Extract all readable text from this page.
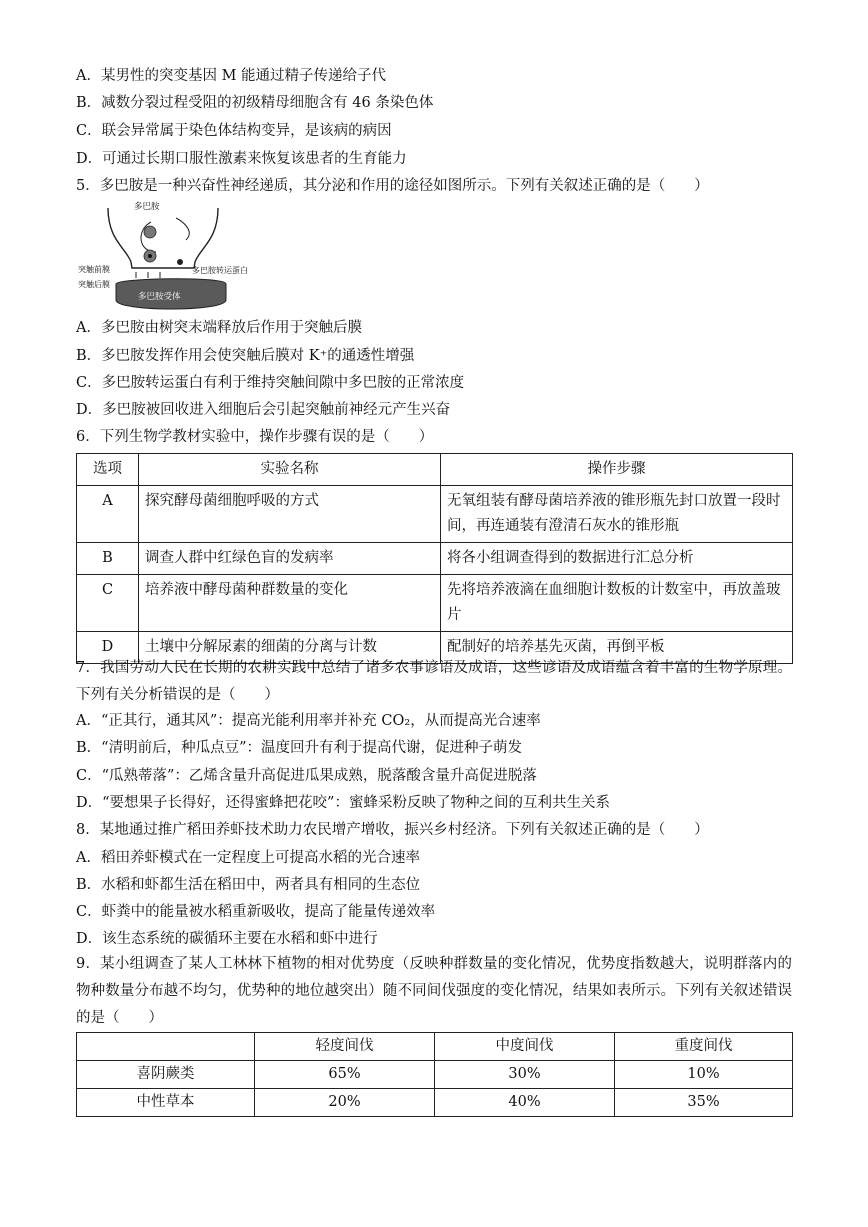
A．某男性的突变基因 M 能通过精子传递给子代
B．减数分裂过程受阻的初级精母细胞含有 46 条染色体
C．联会异常属于染色体结构变异，是该病的病因
D．可通过长期口服性激素来恢复该患者的生育能力
5．多巴胺是一种兴奋性神经递质，其分泌和作用的途径如图所示。下列有关叙述正确的是（　　）
多巴胺
突触前膜
突触后膜
多巴胺转运蛋白
多巴胺受体
A．多巴胺由树突末端释放后作用于突触后膜
B．多巴胺发挥作用会使突触后膜对 K⁺的通透性增强
C．多巴胺转运蛋白有利于维持突触间隙中多巴胺的正常浓度
D．多巴胺被回收进入细胞后会引起突触前神经元产生兴奋
6．下列生物学教材实验中，操作步骤有误的是（　　）
选项	实验名称	操作步骤
A	探究酵母菌细胞呼吸的方式	无氧组装有酵母菌培养液的锥形瓶先封口放置一段时间，再连通装有澄清石灰水的锥形瓶
B	调查人群中红绿色盲的发病率	将各小组调查得到的数据进行汇总分析
C	培养液中酵母菌种群数量的变化	先将培养液滴在血细胞计数板的计数室中，再放盖玻片
D	土壤中分解尿素的细菌的分离与计数	配制好的培养基先灭菌，再倒平板
7．我国劳动人民在长期的农耕实践中总结了诸多农事谚语及成语，这些谚语及成语蕴含着丰富的生物学原理。下列有关分析错误的是（　　）
A．“正其行，通其风”：提高光能利用率并补充 CO₂，从而提高光合速率
B．“清明前后，种瓜点豆”：温度回升有利于提高代谢，促进种子萌发
C．“瓜熟蒂落”：乙烯含量升高促进瓜果成熟，脱落酸含量升高促进脱落
D．“要想果子长得好，还得蜜蜂把花咬”：蜜蜂采粉反映了物种之间的互利共生关系
8．某地通过推广稻田养虾技术助力农民增产增收，振兴乡村经济。下列有关叙述正确的是（　　）
A．稻田养虾模式在一定程度上可提高水稻的光合速率
B．水稻和虾都生活在稻田中，两者具有相同的生态位
C．虾粪中的能量被水稻重新吸收，提高了能量传递效率
D．该生态系统的碳循环主要在水稻和虾中进行
9．某小组调查了某人工林林下植物的相对优势度（反映种群数量的变化情况，优势度指数越大，说明群落内的物种数量分布越不均匀，优势种的地位越突出）随不同间伐强度的变化情况，结果如表所示。下列有关叙述错误的是（　　）
	轻度间伐	中度间伐	重度间伐
喜阴蕨类	65%	30%	10%
中性草本	20%	40%	35%
